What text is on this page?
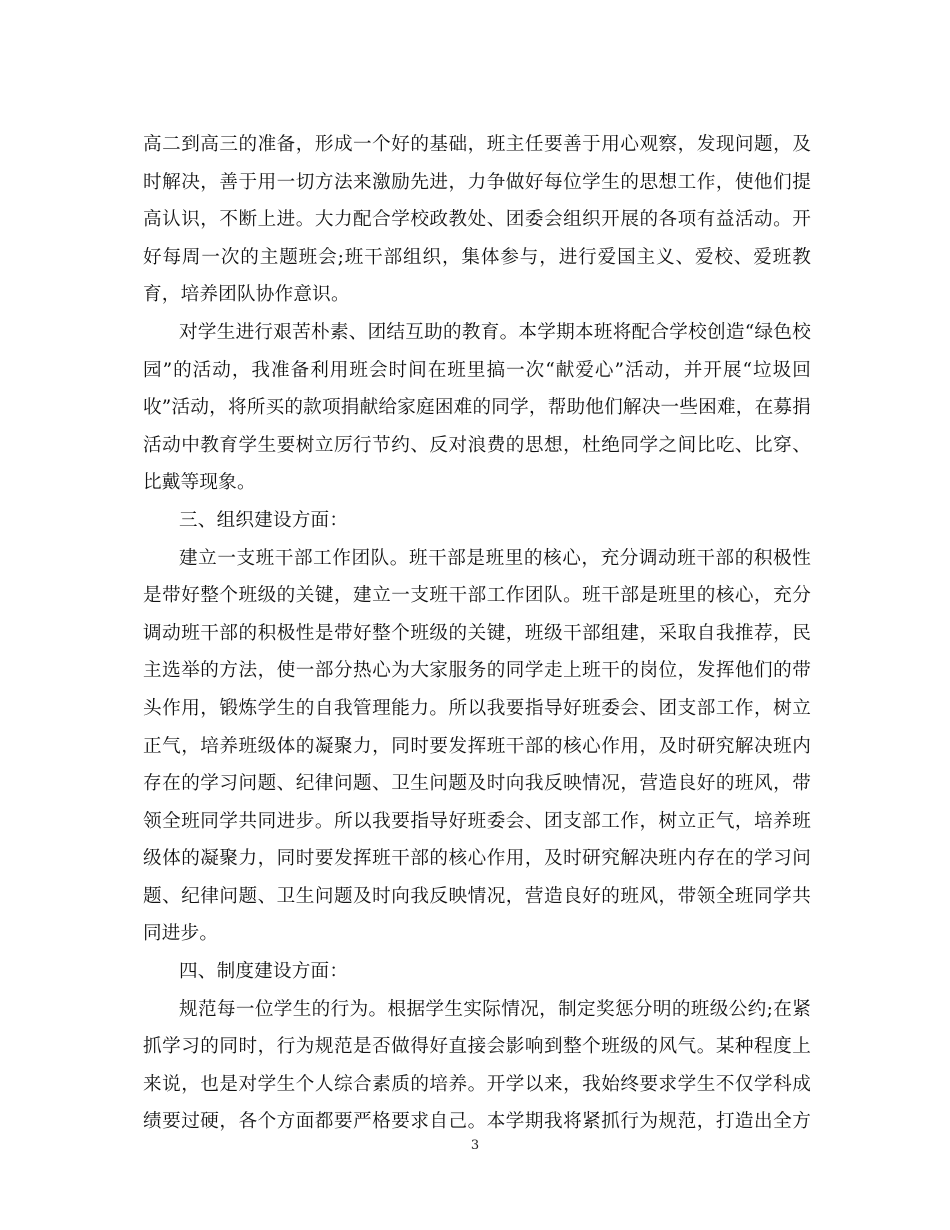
高二到高三的准备，形成一个好的基础，班主任要善于用心观察，发现问题，及
时解决，善于用一切方法来激励先进，力争做好每位学生的思想工作，使他们提
高认识，不断上进。大力配合学校政教处、团委会组织开展的各项有益活动。开
好每周一次的主题班会;班干部组织，集体参与，进行爱国主义、爱校、爱班教
育，培养团队协作意识。
对学生进行艰苦朴素、团结互助的教育。本学期本班将配合学校创造“绿色校
园”的活动，我准备利用班会时间在班里搞一次“献爱心”活动，并开展“垃圾回
收”活动，将所买的款项捐献给家庭困难的同学，帮助他们解决一些困难，在募捐
活动中教育学生要树立厉行节约、反对浪费的思想，杜绝同学之间比吃、比穿、
比戴等现象。
三、组织建设方面：
建立一支班干部工作团队。班干部是班里的核心，充分调动班干部的积极性
是带好整个班级的关键，建立一支班干部工作团队。班干部是班里的核心，充分
调动班干部的积极性是带好整个班级的关键，班级干部组建，采取自我推荐，民
主选举的方法，使一部分热心为大家服务的同学走上班干的岗位，发挥他们的带
头作用，锻炼学生的自我管理能力。所以我要指导好班委会、团支部工作，树立
正气，培养班级体的凝聚力，同时要发挥班干部的核心作用，及时研究解决班内
存在的学习问题、纪律问题、卫生问题及时向我反映情况，营造良好的班风，带
领全班同学共同进步。所以我要指导好班委会、团支部工作，树立正气，培养班
级体的凝聚力，同时要发挥班干部的核心作用，及时研究解决班内存在的学习问
题、纪律问题、卫生问题及时向我反映情况，营造良好的班风，带领全班同学共
同进步。
四、制度建设方面：
规范每一位学生的行为。根据学生实际情况，制定奖惩分明的班级公约;在紧
抓学习的同时，行为规范是否做得好直接会影响到整个班级的风气。某种程度上
来说，也是对学生个人综合素质的培养。开学以来，我始终要求学生不仅学科成
绩要过硬，各个方面都要严格要求自己。本学期我将紧抓行为规范，打造出全方
3
